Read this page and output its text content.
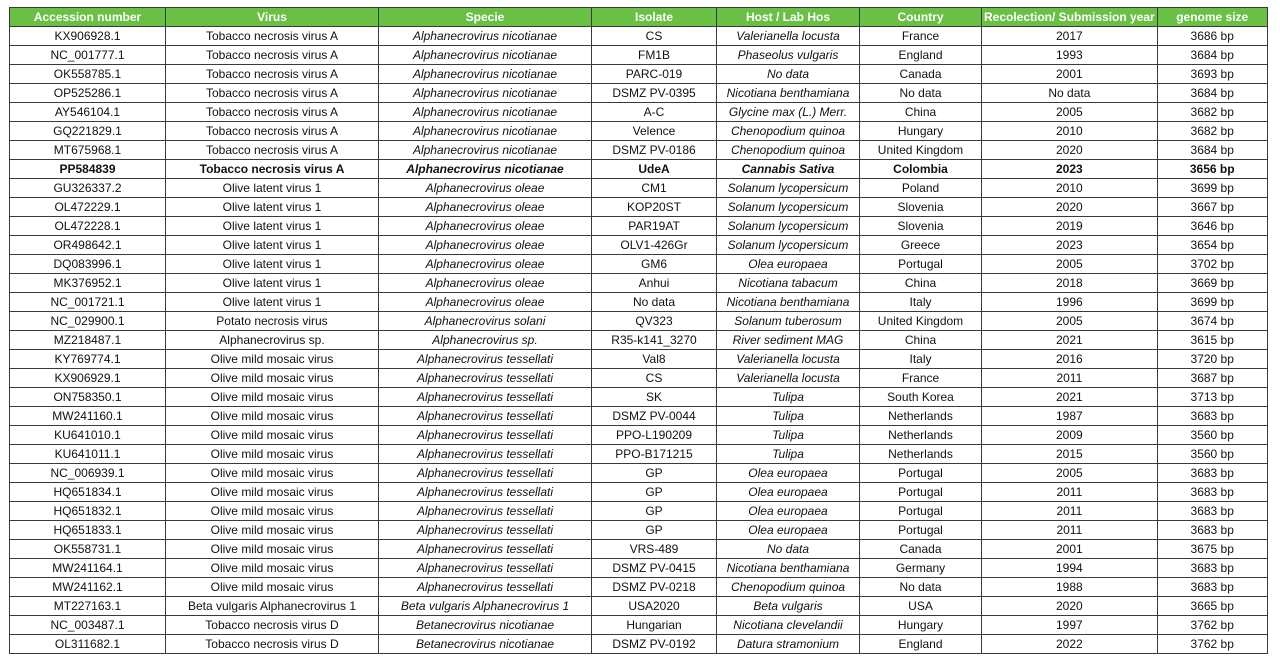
Accession number	Virus	Specie	Isolate	Host / Lab Hos	Country	Recolection/ Submission year	genome size
KX906928.1	Tobacco necrosis virus A	Alphanecrovirus nicotianae	CS	Valerianella locusta	France	2017	3686 bp
NC_001777.1	Tobacco necrosis virus A	Alphanecrovirus nicotianae	FM1B	Phaseolus vulgaris	England	1993	3684 bp
OK558785.1	Tobacco necrosis virus A	Alphanecrovirus nicotianae	PARC-019	No data	Canada	2001	3693 bp
OP525286.1	Tobacco necrosis virus A	Alphanecrovirus nicotianae	DSMZ PV-0395	Nicotiana benthamiana	No data	No data	3684 bp
AY546104.1	Tobacco necrosis virus A	Alphanecrovirus nicotianae	A-C	Glycine max (L.) Merr.	China	2005	3682 bp
GQ221829.1	Tobacco necrosis virus A	Alphanecrovirus nicotianae	Velence	Chenopodium quinoa	Hungary	2010	3682 bp
MT675968.1	Tobacco necrosis virus A	Alphanecrovirus nicotianae	DSMZ PV-0186	Chenopodium quinoa	United Kingdom	2020	3684 bp
PP584839	Tobacco necrosis virus A	Alphanecrovirus nicotianae	UdeA	Cannabis Sativa	Colombia	2023	3656 bp
GU326337.2	Olive latent virus 1	Alphanecrovirus oleae	CM1	Solanum lycopersicum	Poland	2010	3699 bp
OL472229.1	Olive latent virus 1	Alphanecrovirus oleae	KOP20ST	Solanum lycopersicum	Slovenia	2020	3667 bp
OL472228.1	Olive latent virus 1	Alphanecrovirus oleae	PAR19AT	Solanum lycopersicum	Slovenia	2019	3646 bp
OR498642.1	Olive latent virus 1	Alphanecrovirus oleae	OLV1-426Gr	Solanum lycopersicum	Greece	2023	3654 bp
DQ083996.1	Olive latent virus 1	Alphanecrovirus oleae	GM6	Olea europaea	Portugal	2005	3702 bp
MK376952.1	Olive latent virus 1	Alphanecrovirus oleae	Anhui	Nicotiana tabacum	China	2018	3669 bp
NC_001721.1	Olive latent virus 1	Alphanecrovirus oleae	No data	Nicotiana benthamiana	Italy	1996	3699 bp
NC_029900.1	Potato necrosis virus	Alphanecrovirus solani	QV323	Solanum tuberosum	United Kingdom	2005	3674 bp
MZ218487.1	Alphanecrovirus sp.	Alphanecrovirus sp.	R35-k141_3270	River sediment MAG	China	2021	3615 bp
KY769774.1	Olive mild mosaic virus	Alphanecrovirus tessellati	Val8	Valerianella locusta	Italy	2016	3720 bp
KX906929.1	Olive mild mosaic virus	Alphanecrovirus tessellati	CS	Valerianella locusta	France	2011	3687 bp
ON758350.1	Olive mild mosaic virus	Alphanecrovirus tessellati	SK	Tulipa	South Korea	2021	3713 bp
MW241160.1	Olive mild mosaic virus	Alphanecrovirus tessellati	DSMZ PV-0044	Tulipa	Netherlands	1987	3683 bp
KU641010.1	Olive mild mosaic virus	Alphanecrovirus tessellati	PPO-L190209	Tulipa	Netherlands	2009	3560 bp
KU641011.1	Olive mild mosaic virus	Alphanecrovirus tessellati	PPO-B171215	Tulipa	Netherlands	2015	3560 bp
NC_006939.1	Olive mild mosaic virus	Alphanecrovirus tessellati	GP	Olea europaea	Portugal	2005	3683 bp
HQ651834.1	Olive mild mosaic virus	Alphanecrovirus tessellati	GP	Olea europaea	Portugal	2011	3683 bp
HQ651832.1	Olive mild mosaic virus	Alphanecrovirus tessellati	GP	Olea europaea	Portugal	2011	3683 bp
HQ651833.1	Olive mild mosaic virus	Alphanecrovirus tessellati	GP	Olea europaea	Portugal	2011	3683 bp
OK558731.1	Olive mild mosaic virus	Alphanecrovirus tessellati	VRS-489	No data	Canada	2001	3675 bp
MW241164.1	Olive mild mosaic virus	Alphanecrovirus tessellati	DSMZ PV-0415	Nicotiana benthamiana	Germany	1994	3683 bp
MW241162.1	Olive mild mosaic virus	Alphanecrovirus tessellati	DSMZ PV-0218	Chenopodium quinoa	No data	1988	3683 bp
MT227163.1	Beta vulgaris Alphanecrovirus 1	Beta vulgaris Alphanecrovirus 1	USA2020	Beta vulgaris	USA	2020	3665 bp
NC_003487.1	Tobacco necrosis virus D	Betanecrovirus nicotianae	Hungarian	Nicotiana clevelandii	Hungary	1997	3762 bp
OL311682.1	Tobacco necrosis virus D	Betanecrovirus nicotianae	DSMZ PV-0192	Datura stramonium	England	2022	3762 bp
